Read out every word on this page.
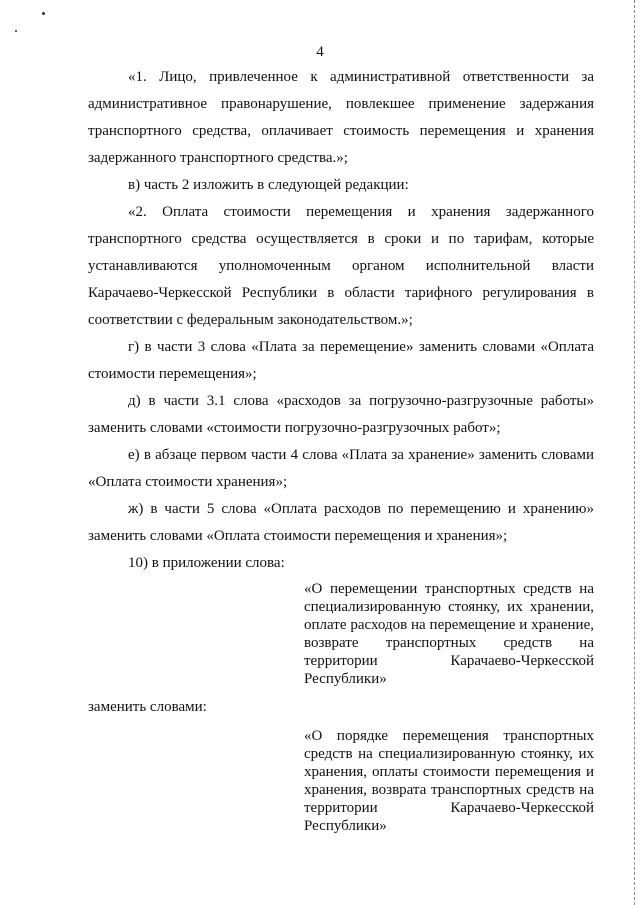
4

«1. Лицо, привлеченное к административной ответственности за административное правонарушение, повлекшее применение задержания транспортного средства, оплачивает стоимость перемещения и хранения задержанного транспортного средства.»;

в) часть 2 изложить в следующей редакции:

«2. Оплата стоимости перемещения и хранения задержанного транспортного средства осуществляется в сроки и по тарифам, которые устанавливаются уполномоченным органом исполнительной власти Карачаево-Черкесской Республики в области тарифного регулирования в соответствии с федеральным законодательством.»;

г) в части 3 слова «Плата за перемещение» заменить словами «Оплата стоимости перемещения»;

д) в части 3.1 слова «расходов за погрузочно-разгрузочные работы» заменить словами «стоимости погрузочно-разгрузочных работ»;

е) в абзаце первом части 4 слова «Плата за хранение» заменить словами «Оплата стоимости хранения»;

ж) в части 5 слова «Оплата расходов по перемещению и хранению» заменить словами «Оплата стоимости перемещения и хранения»;

10) в приложении слова:

«О перемещении транспортных средств на специализированную стоянку, их хранении, оплате расходов на перемещение и хранение, возврате транспортных средств на территории Карачаево-Черкесской Республики»
заменить словами:
«О порядке перемещения транспортных средств на специализированную стоянку, их хранения, оплаты стоимости перемещения и хранения, возврата транспортных средств на территории Карачаево-Черкесской Республики»
